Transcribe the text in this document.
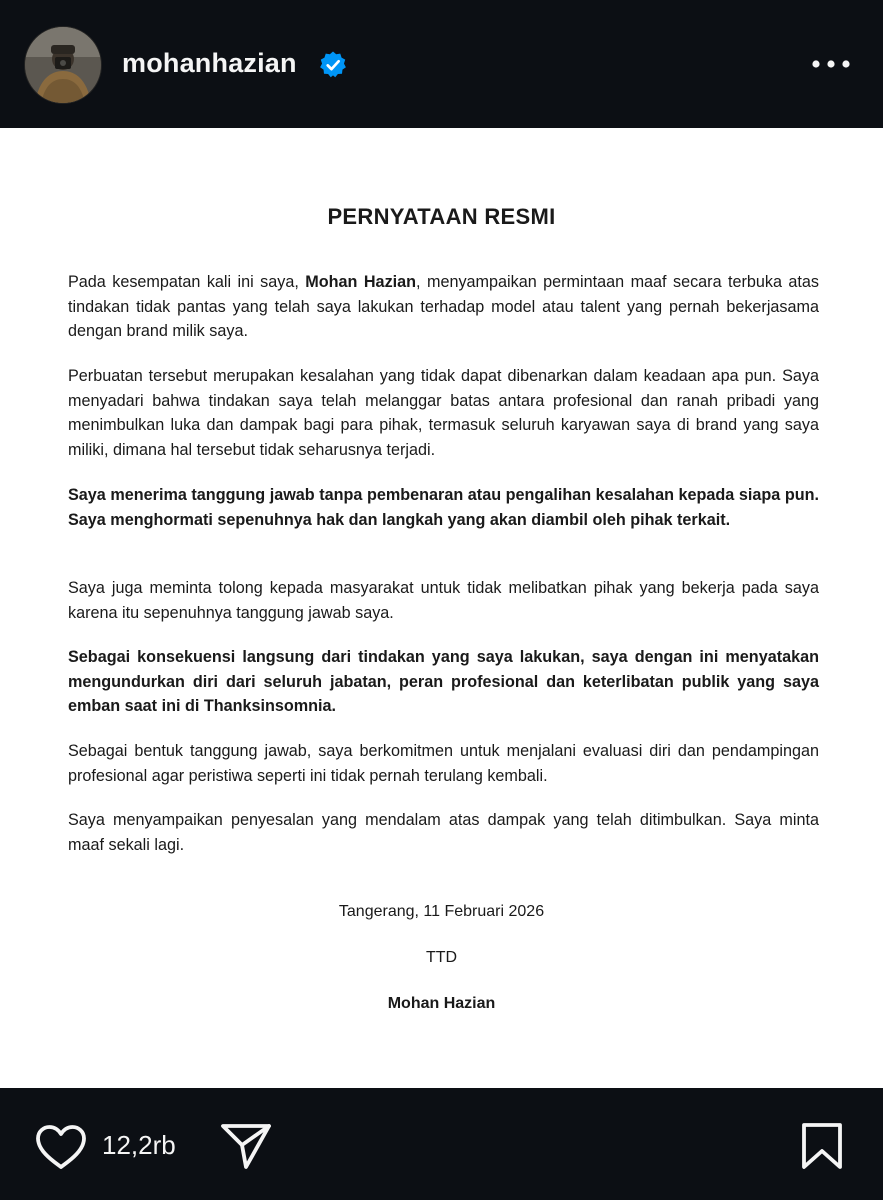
mohanhazian
PERNYATAAN RESMI

Pada kesempatan kali ini saya, Mohan Hazian, menyampaikan permintaan maaf secara terbuka atas tindakan tidak pantas yang telah saya lakukan terhadap model atau talent yang pernah bekerjasama dengan brand milik saya.

Perbuatan tersebut merupakan kesalahan yang tidak dapat dibenarkan dalam keadaan apa pun. Saya menyadari bahwa tindakan saya telah melanggar batas antara profesional dan ranah pribadi yang menimbulkan luka dan dampak bagi para pihak, termasuk seluruh karyawan saya di brand yang saya miliki, dimana hal tersebut tidak seharusnya terjadi.

Saya menerima tanggung jawab tanpa pembenaran atau pengalihan kesalahan kepada siapa pun. Saya menghormati sepenuhnya hak dan langkah yang akan diambil oleh pihak terkait.

Saya juga meminta tolong kepada masyarakat untuk tidak melibatkan pihak yang bekerja pada saya karena itu sepenuhnya tanggung jawab saya.

Sebagai konsekuensi langsung dari tindakan yang saya lakukan, saya dengan ini menyatakan mengundurkan diri dari seluruh jabatan, peran profesional dan keterlibatan publik yang saya emban saat ini di Thanksinsomnia.

Sebagai bentuk tanggung jawab, saya berkomitmen untuk menjalani evaluasi diri dan pendampingan profesional agar peristiwa seperti ini tidak pernah terulang kembali.

Saya menyampaikan penyesalan yang mendalam atas dampak yang telah ditimbulkan. Saya minta maaf sekali lagi.

Tangerang, 11 Februari 2026
TTD
Mohan Hazian
12,2rb
